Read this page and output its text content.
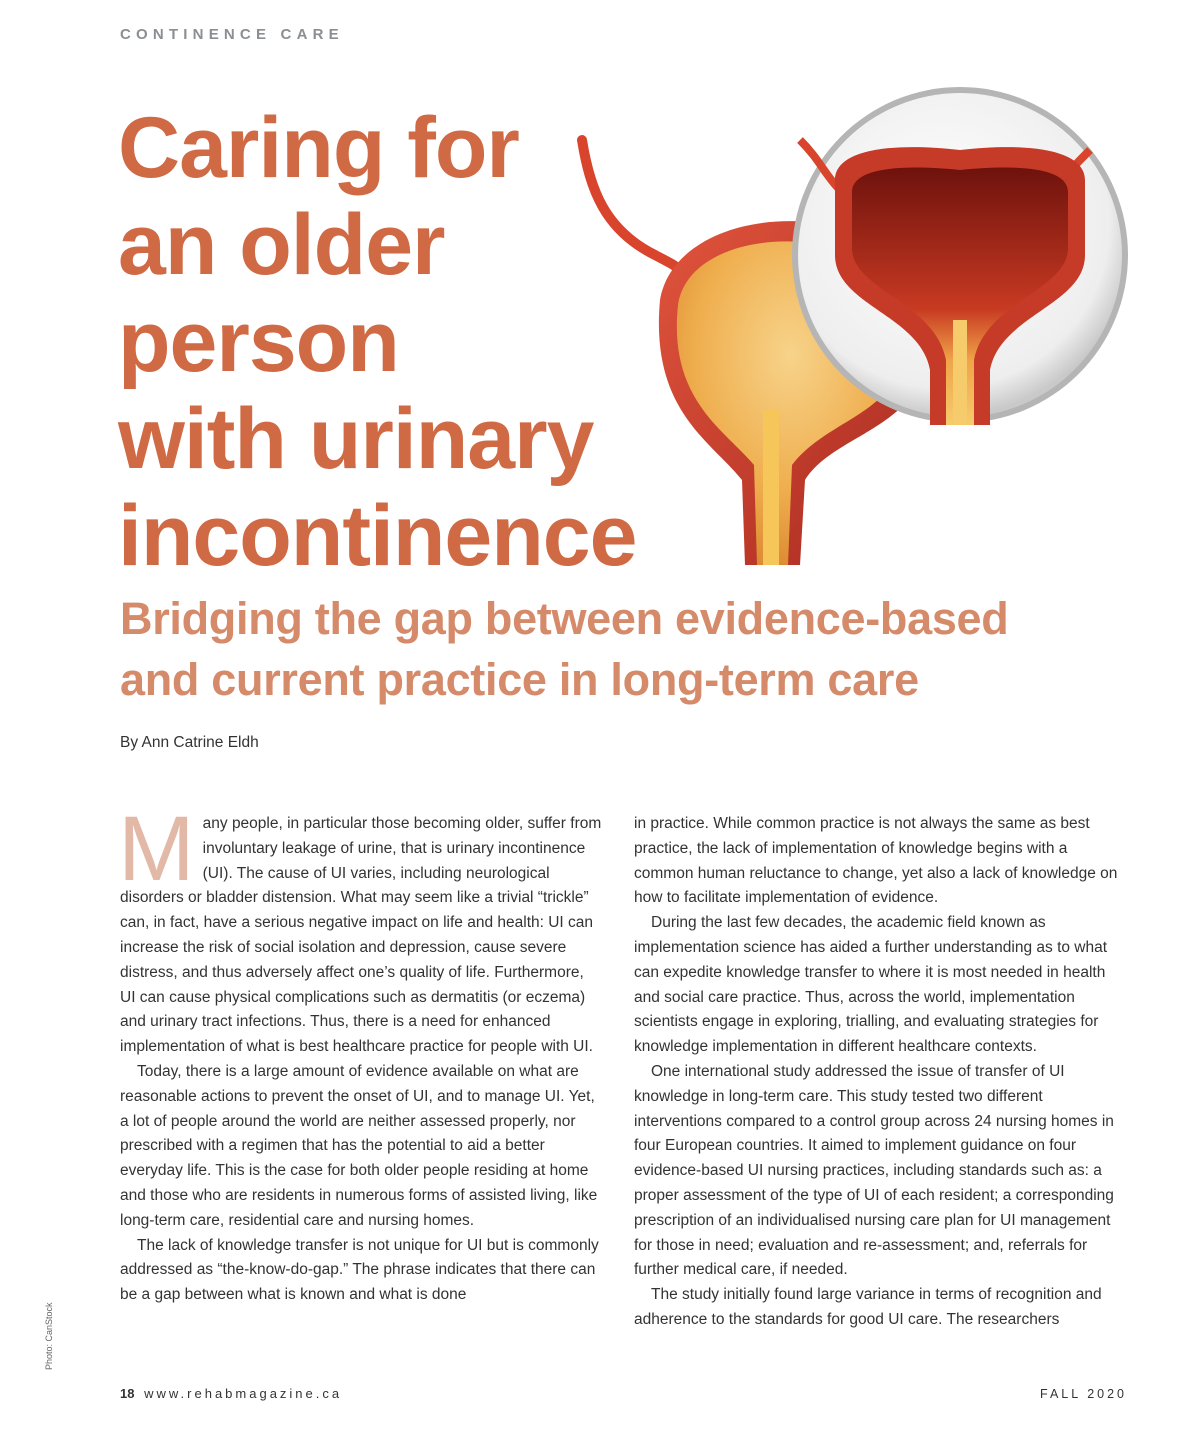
CONTINENCE CARE
Caring for
an older
person
with urinary
incontinence
Bridging the gap between evidence-based
and current practice in long-term care
By Ann Catrine Eldh

Many people, in particular those becoming older, suffer from involuntary leakage of urine, that is urinary incontinence (UI). The cause of UI varies, including neurological disorders or bladder distension. What may seem like a trivial “trickle” can, in fact, have a serious negative impact on life and health: UI can increase the risk of social isolation and depression, cause severe distress, and thus adversely affect one’s quality of life. Furthermore, UI can cause physical complications such as dermatitis (or eczema) and urinary tract infections. Thus, there is a need for enhanced implementation of what is best healthcare practice for people with UI.

Today, there is a large amount of evidence available on what are reasonable actions to prevent the onset of UI, and to manage UI. Yet, a lot of people around the world are neither assessed properly, nor prescribed with a regimen that has the potential to aid a better everyday life. This is the case for both older people residing at home and those who are residents in numerous forms of assisted living, like long-term care, residential care and nursing homes.

The lack of knowledge transfer is not unique for UI but is commonly addressed as “the-know-do-gap.” The phrase indicates that there can be a gap between what is known and what is done

in practice. While common practice is not always the same as best practice, the lack of implementation of knowledge begins with a common human reluctance to change, yet also a lack of knowledge on how to facilitate implementation of evidence.

During the last few decades, the academic field known as implementation science has aided a further understanding as to what can expedite knowledge transfer to where it is most needed in health and social care practice. Thus, across the world, implementation scientists engage in exploring, trialling, and evaluating strategies for knowledge implementation in different healthcare contexts.

One international study addressed the issue of transfer of UI knowledge in long-term care. This study tested two different interventions compared to a control group across 24 nursing homes in four European countries. It aimed to implement guidance on four evidence-based UI nursing practices, including standards such as: a proper assessment of the type of UI of each resident; a corresponding prescription of an individualised nursing care plan for UI management for those in need; evaluation and re-assessment; and, referrals for further medical care, if needed.

The study initially found large variance in terms of recognition and adherence to the standards for good UI care. The researchers

Photo: CanStock
18 www.rehabmagazine.ca	FALL 2020
